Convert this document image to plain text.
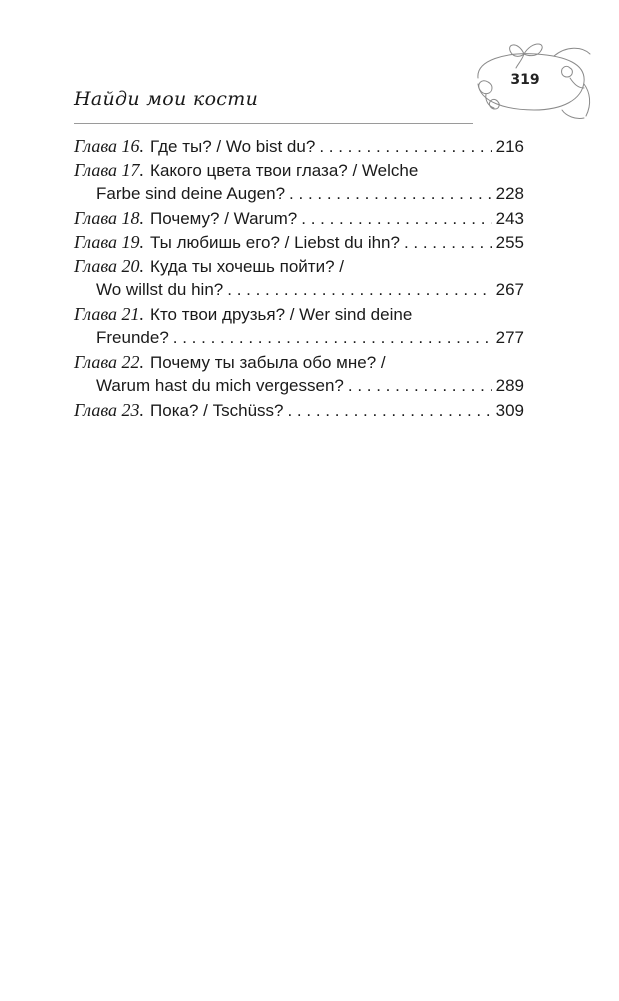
Найди мои кости
319
Глава 16. Где ты? / Wo bist du? . . .	216
Глава 17. Какого цвета твои глаза? / Welche
Farbe sind deine Augen? . . .	228
Глава 18. Почему? / Warum? . . .	243
Глава 19. Ты любишь его? / Liebst du ihn? . . .	255
Глава 20. Куда ты хочешь пойти? /
Wo willst du hin? . . .	267
Глава 21. Кто твои друзья? / Wer sind deine
Freunde? . . .	277
Глава 22. Почему ты забыла обо мне? /
Warum hast du mich vergessen? . . .	289
Глава 23. Пока? / Tschüss? . . .	309
